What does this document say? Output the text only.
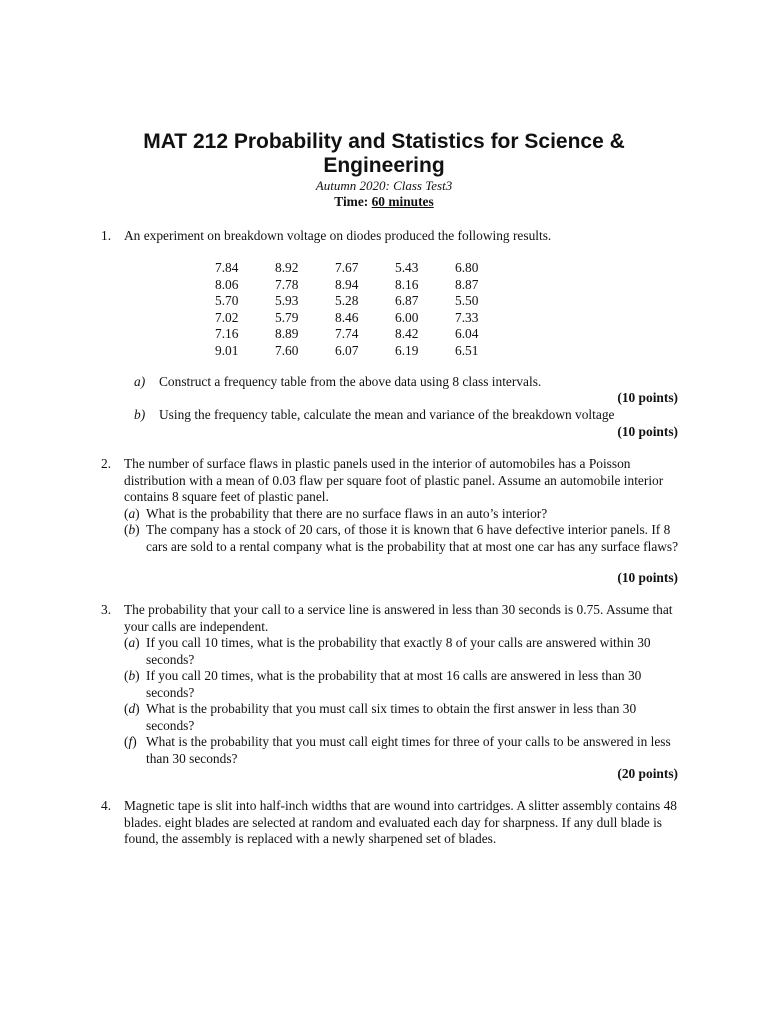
MAT 212 Probability and Statistics for Science &
Engineering
Autumn 2020: Class Test3
Time: 60 minutes
1. An experiment on breakdown voltage on diodes produced the following results.
7.84	8.92	7.67	5.43	6.80
8.06	7.78	8.94	8.16	8.87
5.70	5.93	5.28	6.87	5.50
7.02	5.79	8.46	6.00	7.33
7.16	8.89	7.74	8.42	6.04
9.01	7.60	6.07	6.19	6.51
a) Construct a frequency table from the above data using 8 class intervals.
(10 points)
b) Using the frequency table, calculate the mean and variance of the breakdown voltage
(10 points)
2. The number of surface flaws in plastic panels used in the interior of automobiles has a Poisson distribution with a mean of 0.03 flaw per square foot of plastic panel. Assume an automobile interior contains 8 square feet of plastic panel.
(a) What is the probability that there are no surface flaws in an auto’s interior?
(b) The company has a stock of 20 cars, of those it is known that 6 have defective interior panels. If 8 cars are sold to a rental company what is the probability that at most one car has any surface flaws?
(10 points)
3. The probability that your call to a service line is answered in less than 30 seconds is 0.75. Assume that your calls are independent.
(a) If you call 10 times, what is the probability that exactly 8 of your calls are answered within 30 seconds?
(b) If you call 20 times, what is the probability that at most 16 calls are answered in less than 30 seconds?
(d) What is the probability that you must call six times to obtain the first answer in less than 30 seconds?
(f) What is the probability that you must call eight times for three of your calls to be answered in less than 30 seconds?
(20 points)
4. Magnetic tape is slit into half-inch widths that are wound into cartridges. A slitter assembly contains 48 blades. eight blades are selected at random and evaluated each day for sharpness. If any dull blade is found, the assembly is replaced with a newly sharpened set of blades.
